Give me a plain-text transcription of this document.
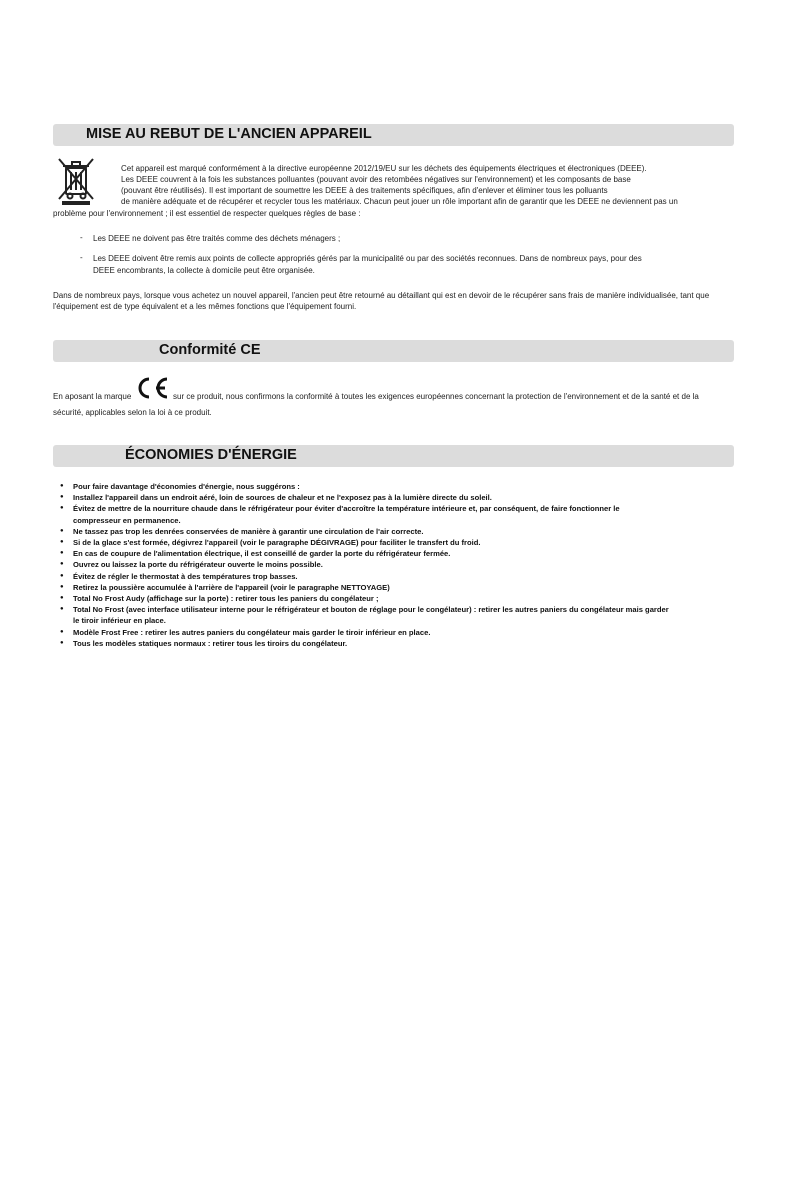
MISE AU REBUT DE L'ANCIEN APPAREIL
Cet appareil est marqué conformément à la directive européenne 2012/19/EU sur les déchets des équipements électriques et électroniques (DEEE).
Les DEEE couvrent à la fois les substances polluantes (pouvant avoir des retombées négatives sur l'environnement) et les composants de base
(pouvant être réutilisés). Il est important de soumettre les DEEE à des traitements spécifiques, afin d'enlever et éliminer tous les polluants
de manière adéquate et de récupérer et recycler tous les matériaux. Chacun peut jouer un rôle important afin de garantir que les DEEE ne deviennent pas un
problème pour l'environnement ; il est essentiel de respecter quelques règles de base :
- Les DEEE ne doivent pas être traités comme des déchets ménagers ;
- Les DEEE doivent être remis aux points de collecte appropriés gérés par la municipalité ou par des sociétés reconnues. Dans de nombreux pays, pour des
DEEE encombrants, la collecte à domicile peut être organisée.
Dans de nombreux pays, lorsque vous achetez un nouvel appareil, l'ancien peut être retourné au détaillant qui est en devoir de le récupérer sans frais de manière individualisée, tant que
l'équipement est de type équivalent et a les mêmes fonctions que l'équipement fourni.
Conformité CE
En aposant la marque	sur ce produit, nous confirmons la conformité à toutes les exigences européennes concernant la protection de l'environnement et de la santé et de la
sécurité, applicables selon la loi à ce produit.
ÉCONOMIES D'ÉNERGIE
● Pour faire davantage d'économies d'énergie, nous suggérons :
● Installez l'appareil dans un endroit aéré, loin de sources de chaleur et ne l'exposez pas à la lumière directe du soleil.
● Évitez de mettre de la nourriture chaude dans le réfrigérateur pour éviter d'accroître la température intérieure et, par conséquent, de faire fonctionner le
compresseur en permanence.
● Ne tassez pas trop les denrées conservées de manière à garantir une circulation de l'air correcte.
● Si de la glace s'est formée, dégivrez l'appareil (voir le paragraphe DÉGIVRAGE) pour faciliter le transfert du froid.
● En cas de coupure de l'alimentation électrique, il est conseillé de garder la porte du réfrigérateur fermée.
● Ouvrez ou laissez la porte du réfrigérateur ouverte le moins possible.
● Évitez de régler le thermostat à des températures trop basses.
● Retirez la poussière accumulée à l'arrière de l'appareil (voir le paragraphe NETTOYAGE)
● Total No Frost Audy (affichage sur la porte) : retirer tous les paniers du congélateur ;
● Total No Frost (avec interface utilisateur interne pour le réfrigérateur et bouton de réglage pour le congélateur) : retirer les autres paniers du congélateur mais garder
le tiroir inférieur en place.
● Modèle Frost Free : retirer les autres paniers du congélateur mais garder le tiroir inférieur en place.
● Tous les modèles statiques normaux : retirer tous les tiroirs du congélateur.
